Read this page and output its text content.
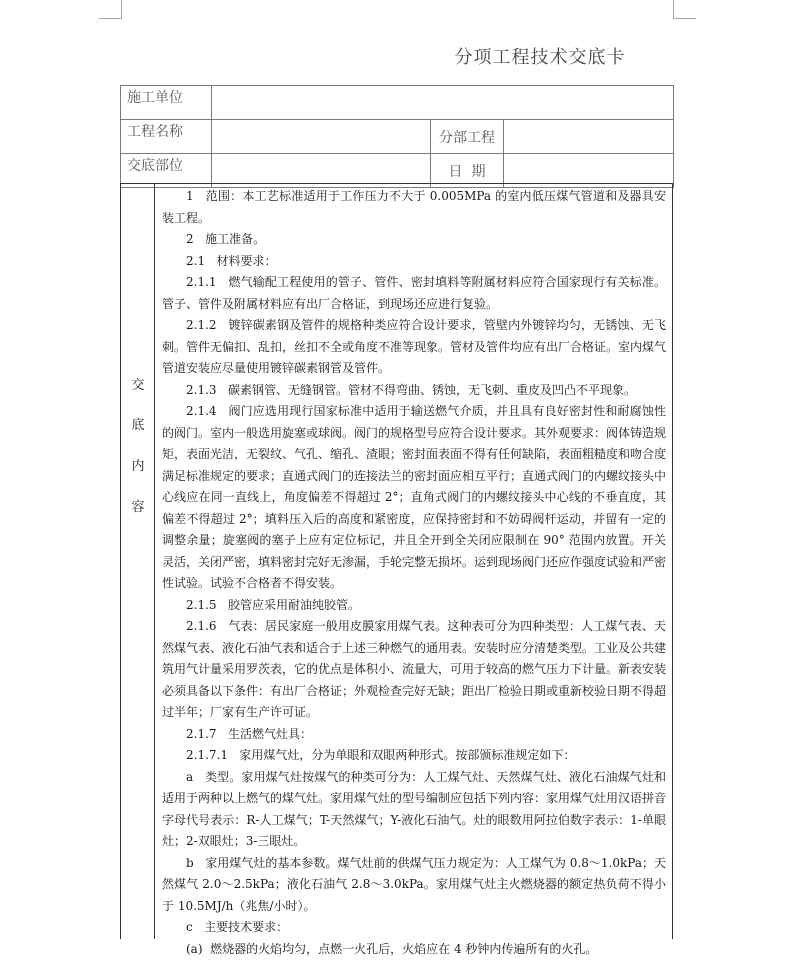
分项工程技术交底卡
施工单位			
工程名称		分部工程	
交底部位		日  期	
交
底
内
容

1   范围：本工艺标准适用于工作压力不大于 0.005MPa 的室内低压煤气管道和及器具安装工程。

2   施工准备。

2.1   材料要求：

2.1.1   燃气输配工程使用的管子、管件、密封填料等附属材料应符合国家现行有关标准。管子、管件及附属材料应有出厂合格证，到现场还应进行复验。

2.1.2   镀锌碳素钢及管件的规格种类应符合设计要求，管壁内外镀锌均匀，无锈蚀、无飞刺。管件无偏扣、乱扣，丝扣不全或角度不准等现象。管材及管件均应有出厂合格证。室内煤气管道安装应尽量使用镀锌碳素钢管及管件。

2.1.3   碳素钢管、无缝钢管。管材不得弯曲、锈蚀，无飞刺、重皮及凹凸不平现象。

2.1.4   阀门应选用现行国家标准中适用于输送燃气介质，并且具有良好密封性和耐腐蚀性的阀门。室内一般选用旋塞或球阀。阀门的规格型号应符合设计要求。其外观要求：阀体铸造规矩，表面光洁，无裂纹、气孔、缩孔、渣眼；密封面表面不得有任何缺陷，表面粗糙度和吻合度满足标准规定的要求；直通式阀门的连接法兰的密封面应相互平行；直通式阀门的内螺纹接头中心线应在同一直线上，角度偏差不得超过 2°；直角式阀门的内螺纹接头中心线的不垂直度，其偏差不得超过 2°；填料压入后的高度和紧密度，应保持密封和不妨碍阀杆运动，并留有一定的调整余量；旋塞阀的塞子上应有定位标记，并且全开到全关闭应限制在 90° 范围内放置。开关灵活，关闭严密，填料密封完好无渗漏，手轮完整无损坏。运到现场阀门还应作强度试验和严密性试验。试验不合格者不得安装。

2.1.5   胶管应采用耐油纯胶管。

2.1.6   气表：居民家庭一般用皮膜家用煤气表。这种表可分为四种类型：人工煤气表、天然煤气表、液化石油气表和适合于上述三种燃气的通用表。安装时应分清楚类型。工业及公共建筑用气计量采用罗茨表，它的优点是体积小、流量大，可用于较高的燃气压力下计量。新表安装必须具备以下条件：有出厂合格证；外观检查完好无缺；距出厂检验日期或重新校验日期不得超过半年；厂家有生产许可证。

2.1.7   生活燃气灶具：

2.1.7.1   家用煤气灶，分为单眼和双眼两种形式。按部颁标准规定如下：

a   类型。家用煤气灶按煤气的种类可分为：人工煤气灶、天然煤气灶、液化石油煤气灶和适用于两种以上燃气的煤气灶。家用煤气灶的型号编制应包括下列内容：家用煤气灶用汉语拼音字母代号表示：R-人工煤气；T-天然煤气；Y-液化石油气。灶的眼数用阿拉伯数字表示：1-单眼灶；2-双眼灶；3-三眼灶。

b   家用煤气灶的基本参数。煤气灶前的供煤气压力规定为：人工煤气为 0.8～1.0kPa；天然煤气 2.0～2.5kPa；液化石油气 2.8～3.0kPa。家用煤气灶主火燃烧器的额定热负荷不得小于 10.5MJ/h（兆焦/小时）。

c   主要技术要求：

(a)  燃烧器的火焰均匀，点燃一火孔后，火焰应在 4 秒钟内传遍所有的火孔。
